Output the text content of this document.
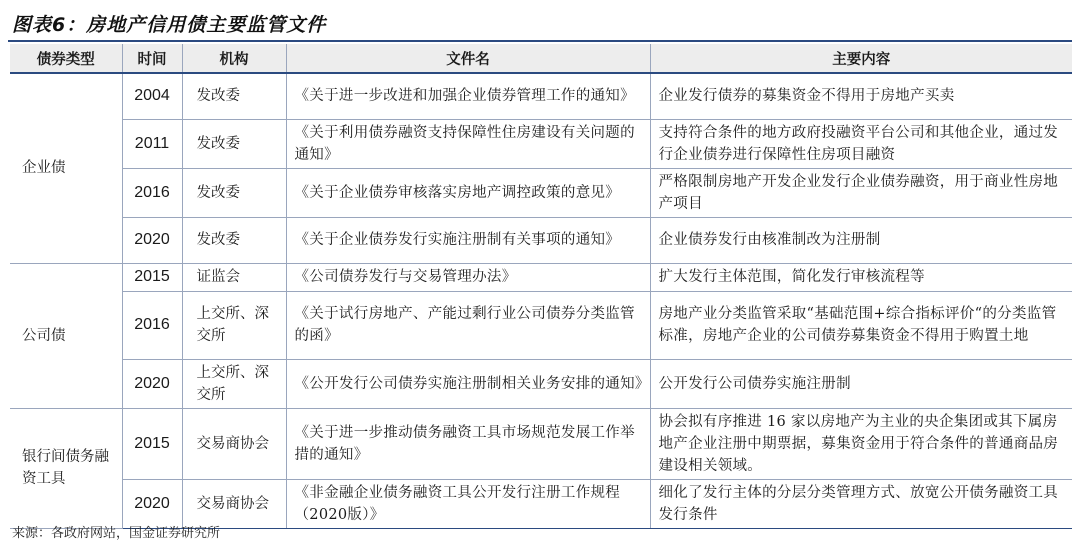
图表6：房地产信用债主要监管文件
债券类型	时间	机构	文件名	主要内容
企业债	2004	发改委	《关于进一步改进和加强企业债券管理工作的通知》	企业发行债券的募集资金不得用于房地产买卖
	2011	发改委	《关于利用债券融资支持保障性住房建设有关问题的通知》	支持符合条件的地方政府投融资平台公司和其他企业，通过发行企业债券进行保障性住房项目融资
	2016	发改委	《关于企业债券审核落实房地产调控政策的意见》	严格限制房地产开发企业发行企业债券融资，用于商业性房地产项目
	2020	发改委	《关于企业债券发行实施注册制有关事项的通知》	企业债券发行由核准制改为注册制
公司债	2015	证监会	《公司债券发行与交易管理办法》	扩大发行主体范围，简化发行审核流程等
	2016	上交所、深交所	《关于试行房地产、产能过剩行业公司债券分类监管的函》	房地产业分类监管采取“基础范围+综合指标评价“的分类监管标准，房地产企业的公司债券募集资金不得用于购置土地
	2020	上交所、深交所	《公开发行公司债券实施注册制相关业务安排的通知》	公开发行公司债券实施注册制
银行间债务融资工具	2015	交易商协会	《关于进一步推动债务融资工具市场规范发展工作举措的通知》	协会拟有序推进 16 家以房地产为主业的央企集团或其下属房地产企业注册中期票据，募集资金用于符合条件的普通商品房建设相关领域。
	2020	交易商协会	《非金融企业债务融资工具公开发行注册工作规程（2020版）》	细化了发行主体的分层分类管理方式、放宽公开债务融资工具发行条件
来源：各政府网站，国金证券研究所
